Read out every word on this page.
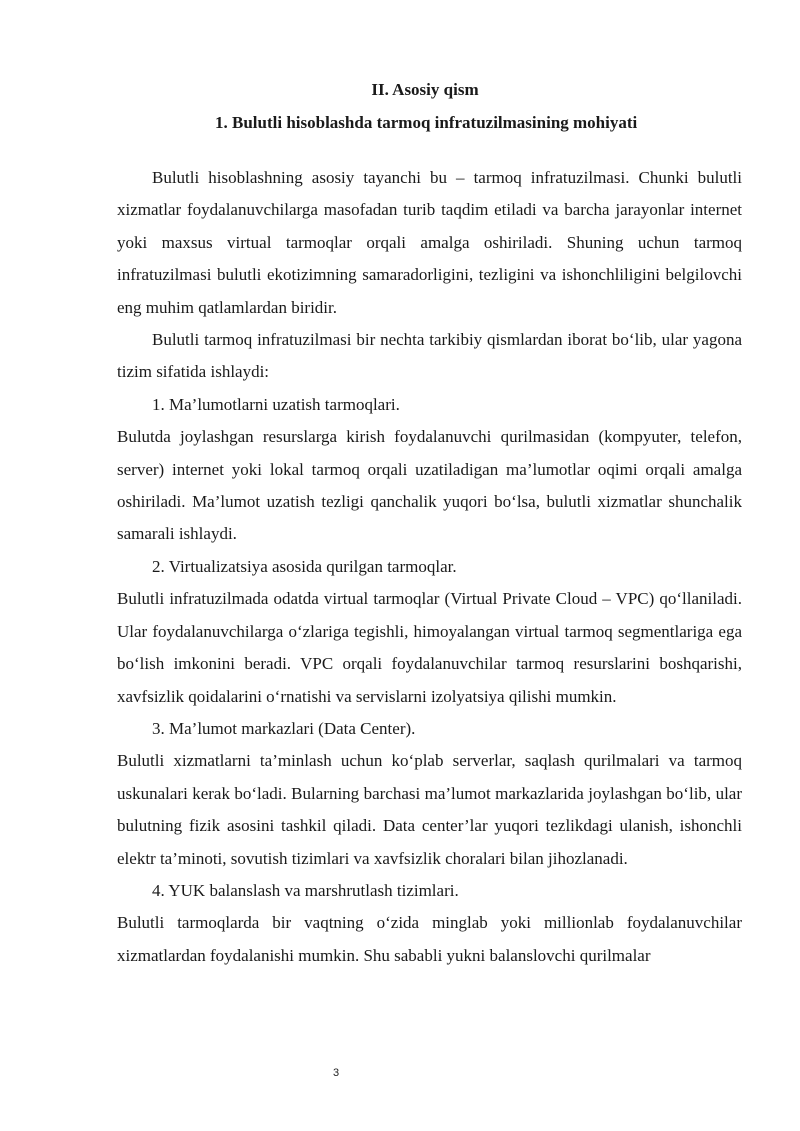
II. Asosiy qism
1. Bulutli hisoblashda tarmoq infratuzilmasining mohiyati

Bulutli hisoblashning asosiy tayanchi bu – tarmoq infratuzilmasi. Chunki bulutli xizmatlar foydalanuvchilarga masofadan turib taqdim etiladi va barcha jarayonlar internet yoki maxsus virtual tarmoqlar orqali amalga oshiriladi. Shuning uchun tarmoq infratuzilmasi bulutli ekotizimning samaradorligini, tezligini va ishonchliligini belgilovchi eng muhim qatlamlardan biridir.

Bulutli tarmoq infratuzilmasi bir nechta tarkibiy qismlardan iborat bo‘lib, ular yagona tizim sifatida ishlaydi:

1. Ma’lumotlarni uzatish tarmoqlari.

Bulutda joylashgan resurslarga kirish foydalanuvchi qurilmasidan (kompyuter, telefon, server) internet yoki lokal tarmoq orqali uzatiladigan ma’lumotlar oqimi orqali amalga oshiriladi. Ma’lumot uzatish tezligi qanchalik yuqori bo‘lsa, bulutli xizmatlar shunchalik samarali ishlaydi.

2. Virtualizatsiya asosida qurilgan tarmoqlar.

Bulutli infratuzilmada odatda virtual tarmoqlar (Virtual Private Cloud – VPC) qo‘llaniladi. Ular foydalanuvchilarga o‘zlariga tegishli, himoyalangan virtual tarmoq segmentlariga ega bo‘lish imkonini beradi. VPC orqali foydalanuvchilar tarmoq resurslarini boshqarishi, xavfsizlik qoidalarini o‘rnatishi va servislarni izolyatsiya qilishi mumkin.

3. Ma’lumot markazlari (Data Center).

Bulutli xizmatlarni ta’minlash uchun ko‘plab serverlar, saqlash qurilmalari va tarmoq uskunalari kerak bo‘ladi. Bularning barchasi ma’lumot markazlarida joylashgan bo‘lib, ular bulutning fizik asosini tashkil qiladi. Data center’lar yuqori tezlikdagi ulanish, ishonchli elektr ta’minoti, sovutish tizimlari va xavfsizlik choralari bilan jihozlanadi.

4. YUK balanslash va marshrutlash tizimlari.

Bulutli tarmoqlarda bir vaqtning o‘zida minglab yoki millionlab foydalanuvchilar xizmatlardan foydalanishi mumkin. Shu sababli yukni balanslovchi qurilmalar

3
